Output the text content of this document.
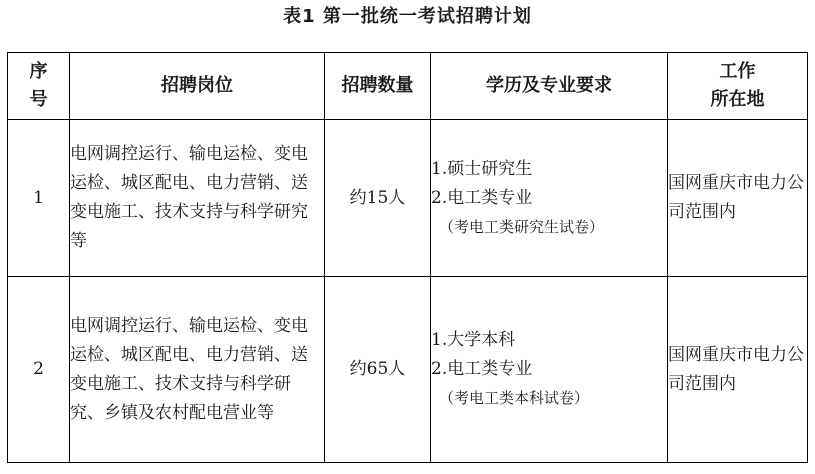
表1 第一批统一考试招聘计划
序
号	招聘岗位	招聘数量	学历及专业要求	工作
所在地

1	电网调控运行、输电运检、变电运检、城区配电、电力营销、送变电施工、技术支持与科学研究等	约15人	1.硕士研究生
2.电工类专业
（考电工类研究生试卷）	国网重庆市电力公司范围内
2	电网调控运行、输电运检、变电运检、城区配电、电力营销、送变电施工、技术支持与科学研究、乡镇及农村配电营业等	约65人	1.大学本科
2.电工类专业
（考电工类本科试卷）	国网重庆市电力公司范围内
